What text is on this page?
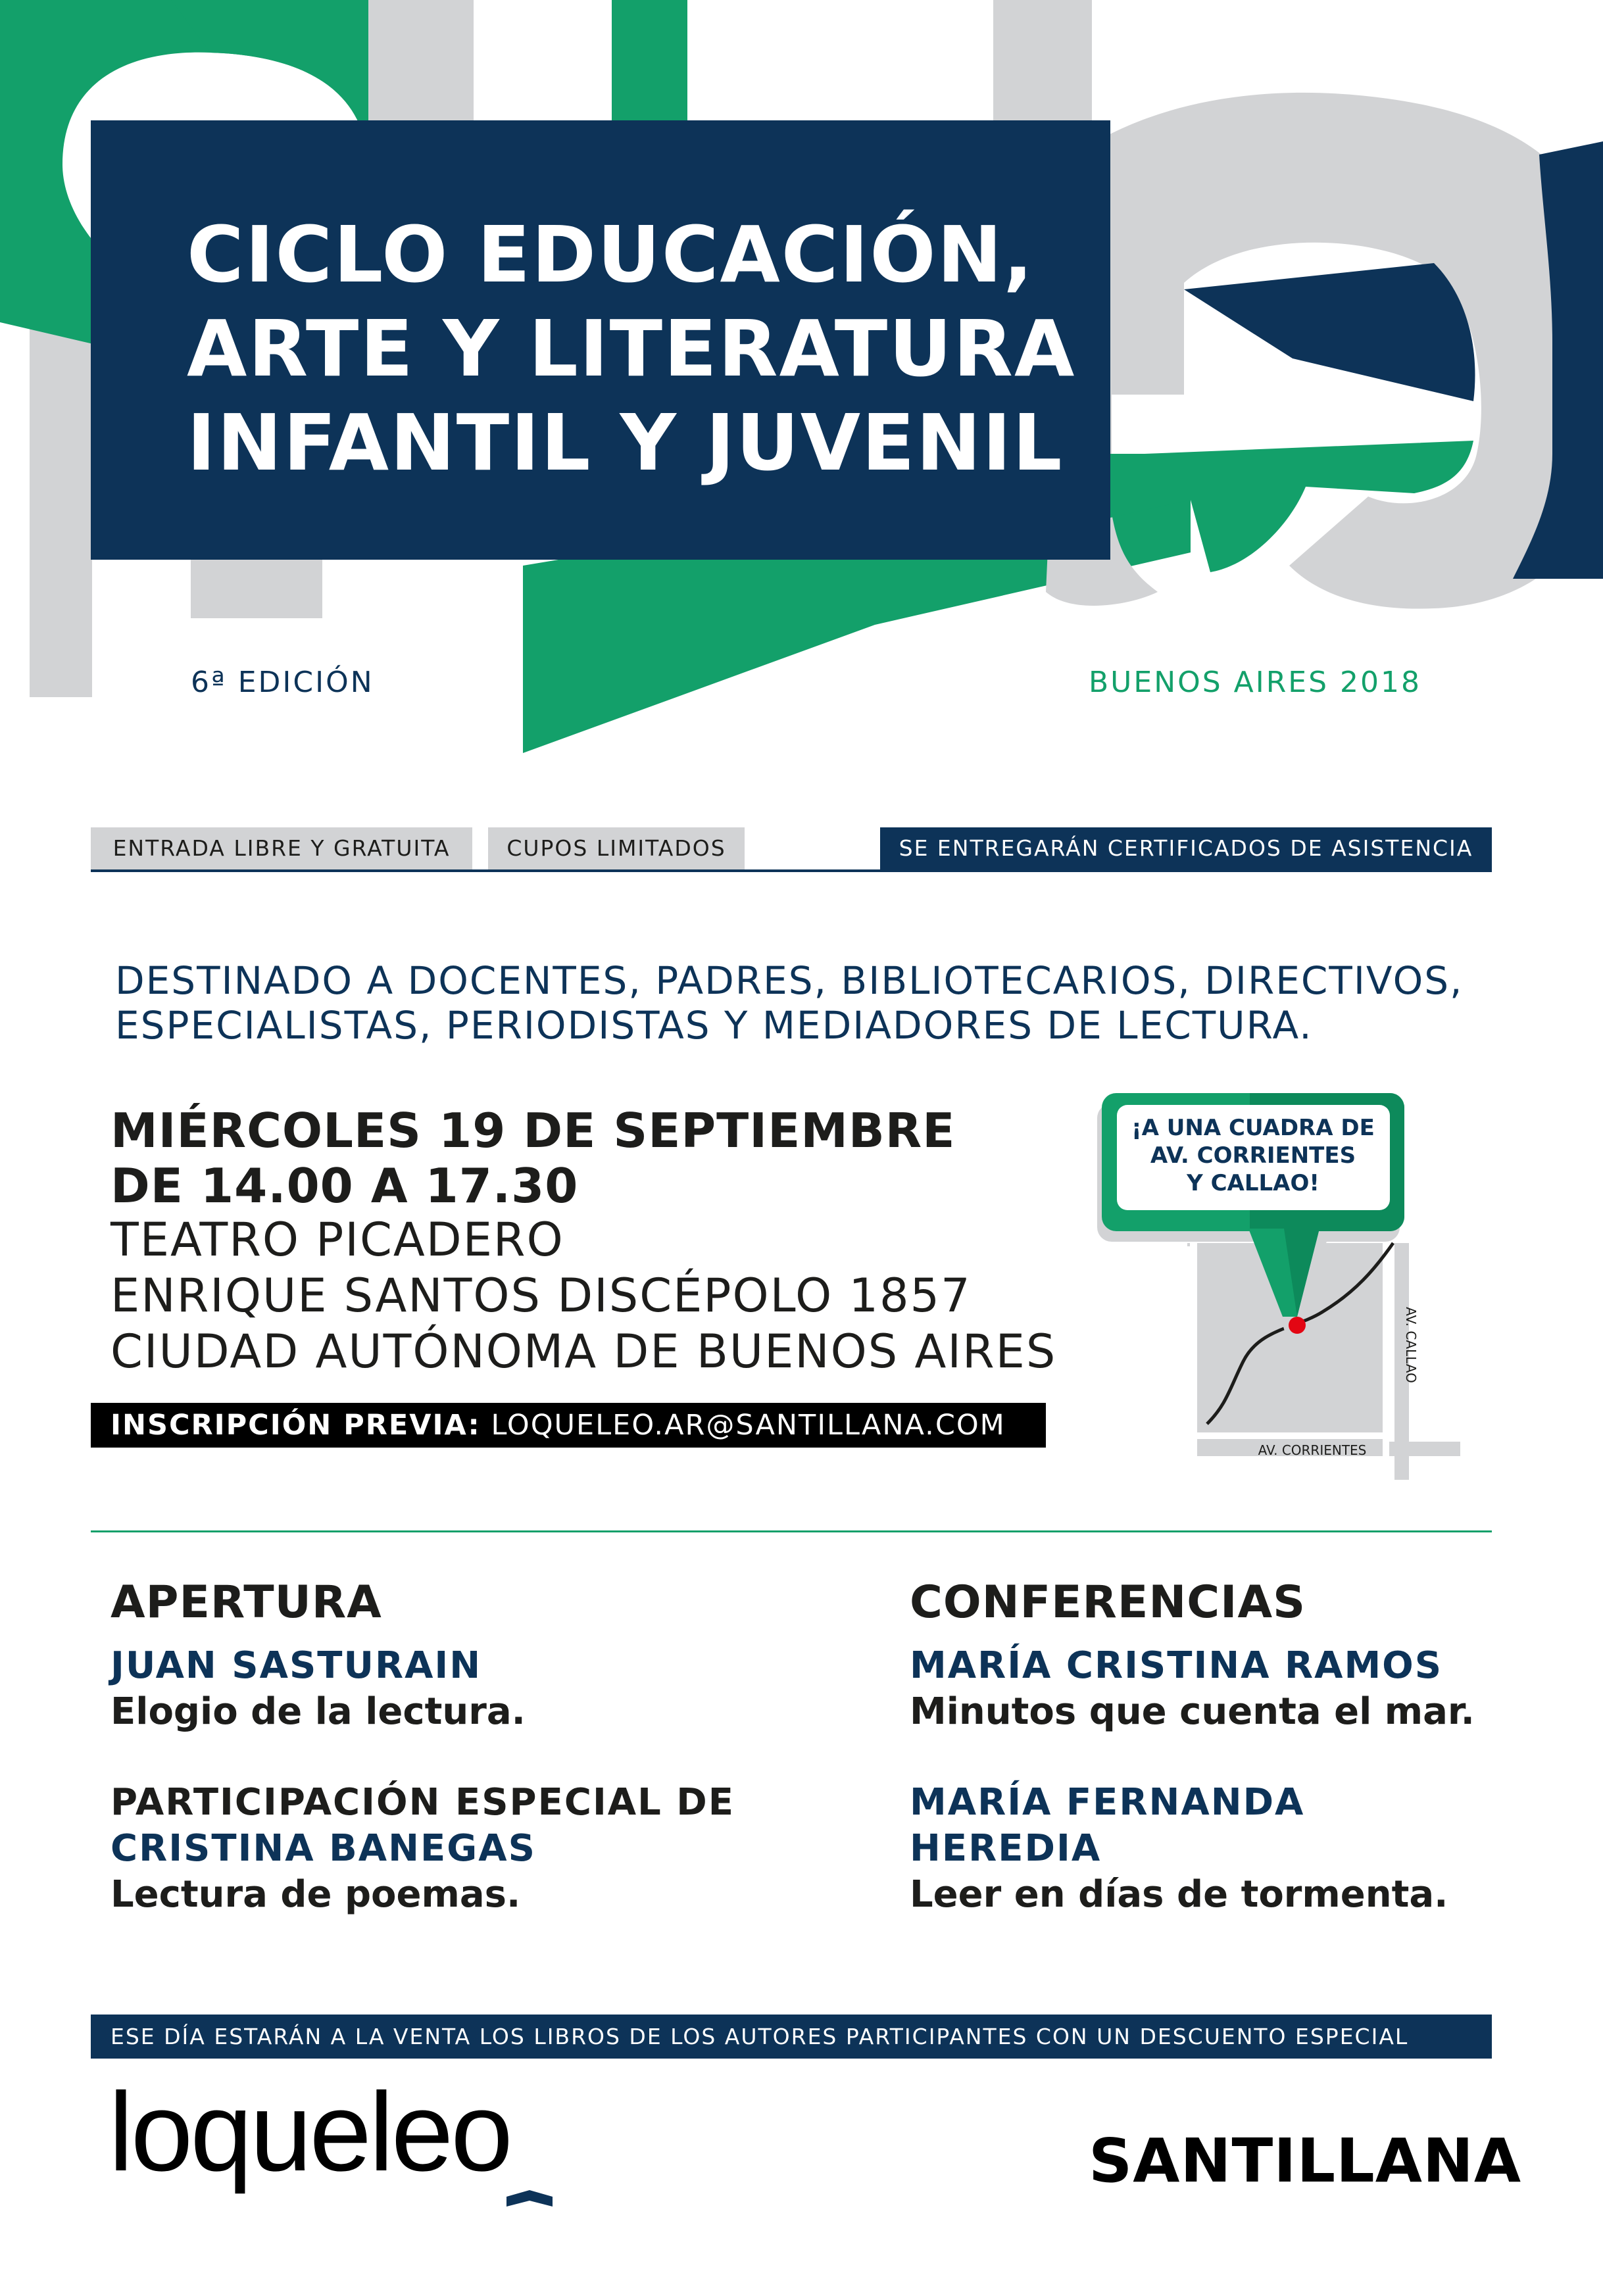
CICLO EDUCACIÓN,
ARTE Y LITERATURA
INFANTIL Y JUVENIL
6ª EDICIÓN	BUENOS AIRES 2018
ENTRADA LIBRE Y GRATUITA	CUPOS LIMITADOS	SE ENTREGARÁN CERTIFICADOS DE ASISTENCIA
DESTINADO A DOCENTES, PADRES, BIBLIOTECARIOS, DIRECTIVOS,
ESPECIALISTAS, PERIODISTAS Y MEDIADORES DE LECTURA.
MIÉRCOLES 19 DE SEPTIEMBRE
DE 14.00 A 17.30
TEATRO PICADERO
ENRIQUE SANTOS DISCÉPOLO 1857
CIUDAD AUTÓNOMA DE BUENOS AIRES
INSCRIPCIÓN PREVIA: LOQUELEO.AR@SANTILLANA.COM
¡A UNA CUADRA DE
AV. CORRIENTES
Y CALLAO!
AV. CORRIENTES
AV. CALLAO
APERTURA
JUAN SASTURAIN
Elogio de la lectura.
PARTICIPACIÓN ESPECIAL DE
CRISTINA BANEGAS
Lectura de poemas.
CONFERENCIAS
MARÍA CRISTINA RAMOS
Minutos que cuenta el mar.
MARÍA FERNANDA
HEREDIA
Leer en días de tormenta.
ESE DÍA ESTARÁN A LA VENTA LOS LIBROS DE LOS AUTORES PARTICIPANTES CON UN DESCUENTO ESPECIAL
loqueleo	SANTILLANA
